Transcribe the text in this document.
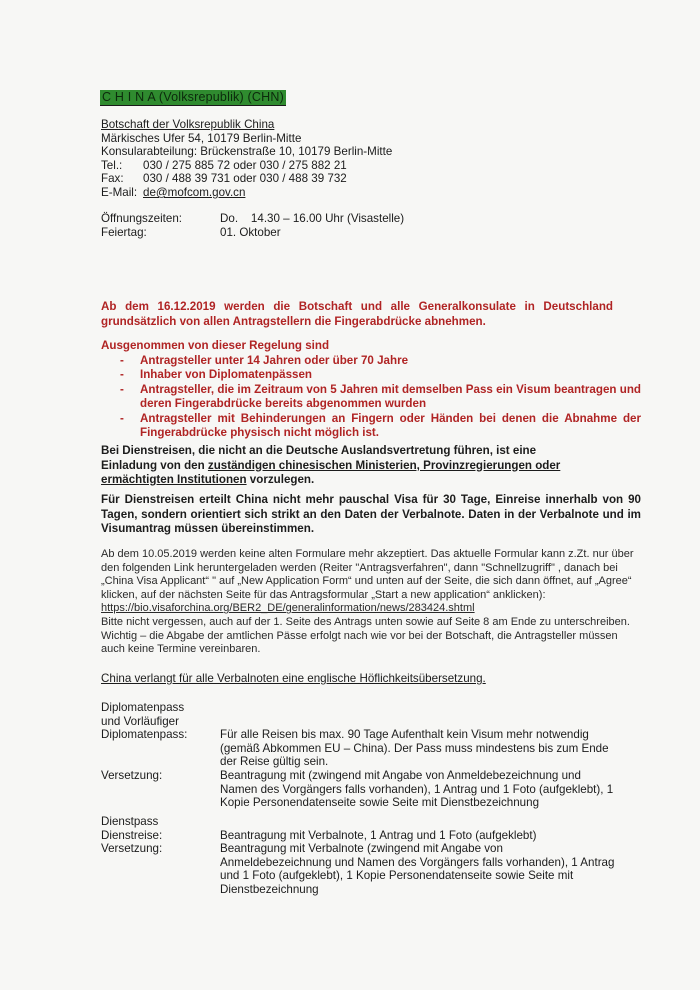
C H I N A (Volksrepublik) (CHN)
Botschaft der Volksrepublik China
Märkisches Ufer 54, 10179 Berlin-Mitte
Konsularabteilung: Brückenstraße 10, 10179 Berlin-Mitte
Tel.: 030 / 275 885 72 oder 030 / 275 882 21
Fax: 030 / 488 39 731 oder 030 / 488 39 732
E-Mail: de@mofcom.gov.cn
Öffnungszeiten:	Do.    14.30 – 16.00 Uhr (Visastelle)
Feiertag:	01. Oktober
Ab dem 16.12.2019 werden die Botschaft und alle Generalkonsulate in Deutschland grundsätzlich von allen Antragstellern die Fingerabdrücke abnehmen.
Ausgenommen von dieser Regelung sind
- Antragsteller unter 14 Jahren oder über 70 Jahre
- Inhaber von Diplomatenpässen
- Antragsteller, die im Zeitraum von 5 Jahren mit demselben Pass ein Visum beantragen und deren Fingerabdrücke bereits abgenommen wurden
- Antragsteller mit Behinderungen an Fingern oder Händen bei denen die Abnahme der Fingerabdrücke physisch nicht möglich ist.
Bei Dienstreisen, die nicht an die Deutsche Auslandsvertretung führen, ist eine Einladung von den zuständigen chinesischen Ministerien, Provinzregierungen oder ermächtigten Institutionen vorzulegen.
Für Dienstreisen erteilt China nicht mehr pauschal Visa für 30 Tage, Einreise innerhalb von 90 Tagen, sondern orientiert sich strikt an den Daten der Verbalnote. Daten in der Verbalnote und im Visumantrag müssen übereinstimmen.

Ab dem 10.05.2019 werden keine alten Formulare mehr akzeptiert. Das aktuelle Formular kann z.Zt. nur über den folgenden Link heruntergeladen werden (Reiter "Antragsverfahren", dann "Schnellzugriff" , danach bei „China Visa Applicant“ " auf „New Application Form“ und unten auf der Seite, die sich dann öffnet, auf „Agree“ klicken, auf der nächsten Seite für das Antragsformular „Start a new application“ anklicken):

https://bio.visaforchina.org/BER2_DE/generalinformation/news/283424.shtml

Bitte nicht vergessen, auch auf der 1. Seite des Antrags unten sowie auf Seite 8 am Ende zu unterschreiben.

Wichtig – die Abgabe der amtlichen Pässe erfolgt nach wie vor bei der Botschaft, die Antragsteller müssen auch keine Termine vereinbaren.

China verlangt für alle Verbalnoten eine englische Höflichkeitsübersetzung.
Diplomatenpass
und Vorläufiger
Diplomatenpass:	Für alle Reisen bis max. 90 Tage Aufenthalt kein Visum mehr notwendig (gemäß Abkommen EU – China). Der Pass muss mindestens bis zum Ende der Reise gültig sein.
Versetzung:	Beantragung mit (zwingend mit Angabe von Anmeldebezeichnung und Namen des Vorgängers falls vorhanden), 1 Antrag und 1 Foto (aufgeklebt), 1 Kopie Personendatenseite sowie Seite mit Dienstbezeichnung
Dienstpass
Dienstreise:	Beantragung mit Verbalnote, 1 Antrag und 1 Foto (aufgeklebt)
Versetzung:	Beantragung mit Verbalnote (zwingend mit Angabe von Anmeldebezeichnung und Namen des Vorgängers falls vorhanden), 1 Antrag und 1 Foto (aufgeklebt), 1 Kopie Personendatenseite sowie Seite mit Dienstbezeichnung
